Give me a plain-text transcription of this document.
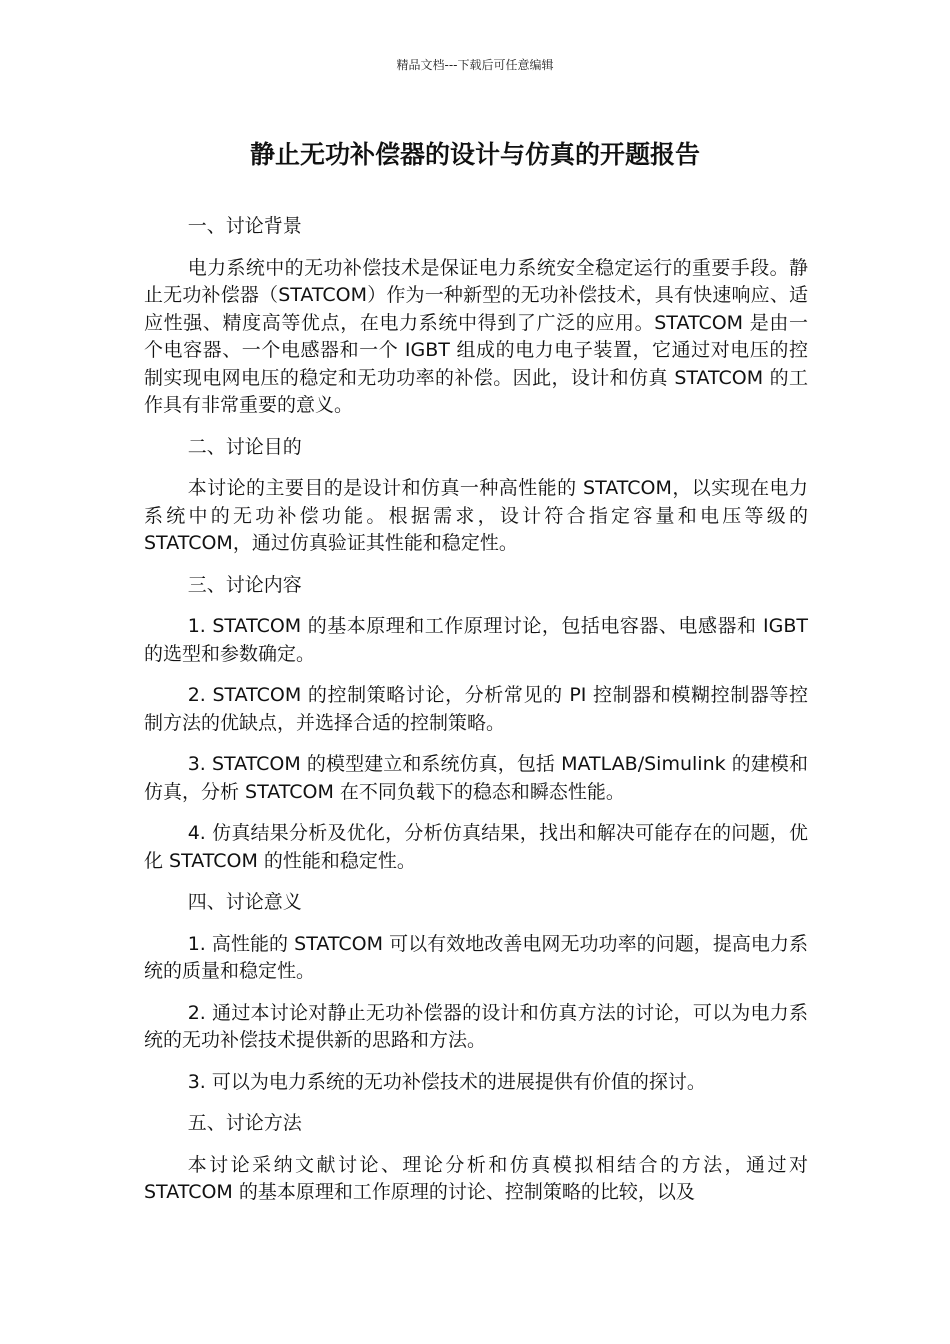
精品文档---下载后可任意编辑
静止无功补偿器的设计与仿真的开题报告

一、讨论背景

电力系统中的无功补偿技术是保证电力系统安全稳定运行的重要手段。静止无功补偿器（STATCOM）作为一种新型的无功补偿技术，具有快速响应、适应性强、精度高等优点，在电力系统中得到了广泛的应用。STATCOM 是由一个电容器、一个电感器和一个 IGBT 组成的电力电子装置，它通过对电压的控制实现电网电压的稳定和无功功率的补偿。因此，设计和仿真 STATCOM 的工作具有非常重要的意义。

二、讨论目的

本讨论的主要目的是设计和仿真一种高性能的 STATCOM，以实现在电力系统中的无功补偿功能。根据需求，设计符合指定容量和电压等级的 STATCOM，通过仿真验证其性能和稳定性。

三、讨论内容

1. STATCOM 的基本原理和工作原理讨论，包括电容器、电感器和 IGBT 的选型和参数确定。

2. STATCOM 的控制策略讨论，分析常见的 PI 控制器和模糊控制器等控制方法的优缺点，并选择合适的控制策略。

3. STATCOM 的模型建立和系统仿真，包括 MATLAB/Simulink 的建模和仿真，分析 STATCOM 在不同负载下的稳态和瞬态性能。

4. 仿真结果分析及优化，分析仿真结果，找出和解决可能存在的问题，优化 STATCOM 的性能和稳定性。

四、讨论意义

1. 高性能的 STATCOM 可以有效地改善电网无功功率的问题，提高电力系统的质量和稳定性。

2. 通过本讨论对静止无功补偿器的设计和仿真方法的讨论，可以为电力系统的无功补偿技术提供新的思路和方法。

3. 可以为电力系统的无功补偿技术的进展提供有价值的探讨。

五、讨论方法

本讨论采纳文献讨论、理论分析和仿真模拟相结合的方法，通过对 STATCOM 的基本原理和工作原理的讨论、控制策略的比较，以及
